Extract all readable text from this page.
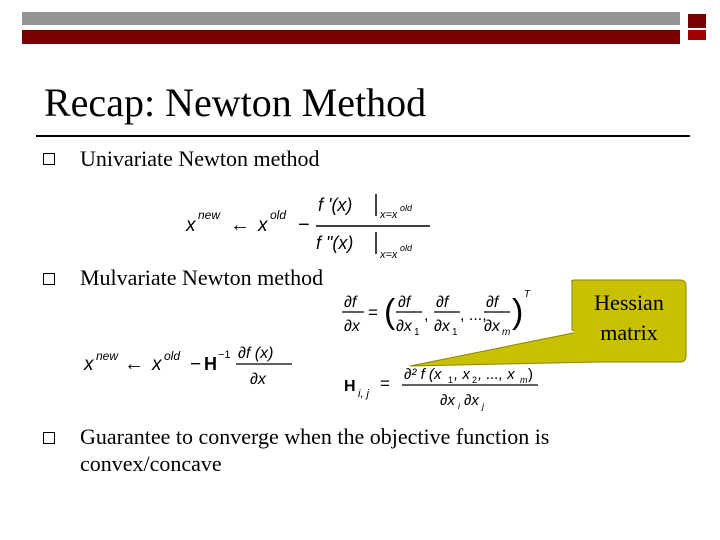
Recap: Newton Method
Univariate Newton method
x new ← x old −
f '(x)	x=x
old
f "(x)
x=x
old
Mulvariate Newton method
∂f
∂x
= ( ∂f
∂x 1
,
∂f
∂x 1
, ...,
∂f
∂x m
) T
x new ← x old − H −1 ∂f (x)
∂x	H i, j
= ∂² f (x 1 , x 2 , ..., x m )
∂x i ∂x j
Hessian
matrix
Guarantee to converge when the objective function is
convex/concave
